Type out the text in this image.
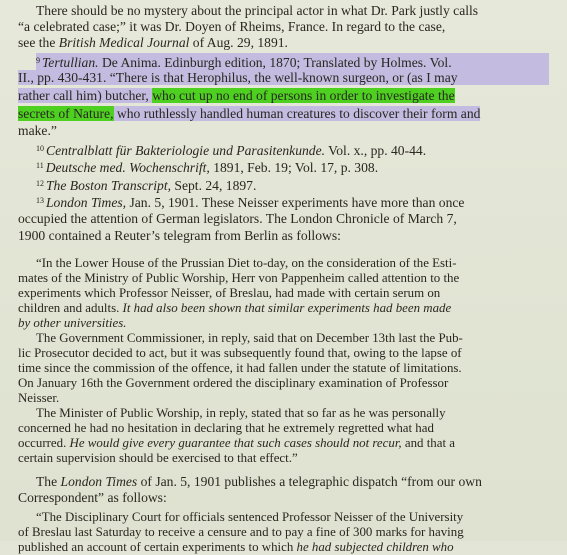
There should be no mystery about the principal actor in what Dr. Park justly calls
“a celebrated case;” it was Dr. Doyen of Rheims, France. In regard to the case,
see the British Medical Journal of Aug. 29, 1891.
$^9$ Tertullian. De Anima. Edinburgh edition, 1870; Translated by Holmes. Vol.
II., pp. 430-431. “There is that Herophilus, the well-known surgeon, or (as I may
rather call him) butcher, who cut up no end of persons in order to investigate the
secrets of Nature, who ruthlessly handled human creatures to discover their form and
make.”
$^{10}$ Centralblatt für Bakteriologie und Parasitenkunde. Vol. x., pp. 40-44.
$^{11}$ Deutsche med. Wochenschrift, 1891, Feb. 19; Vol. 17, p. 308.
$^{12}$ The Boston Transcript, Sept. 24, 1897.
$^{13}$ London Times, Jan. 5, 1901. These Neisser experiments have more than once
occupied the attention of German legislators. The London Chronicle of March 7,
1900 contained a Reuter’s telegram from Berlin as follows:
“In the Lower House of the Prussian Diet to-day, on the consideration of the Esti-
mates of the Ministry of Public Worship, Herr von Pappenheim called attention to the
experiments which Professor Neisser, of Breslau, had made with certain serum on
children and adults. It had also been shown that similar experiments had been made
by other universities.
The Government Commissioner, in reply, said that on December 13th last the Pub-
lic Prosecutor decided to act, but it was subsequently found that, owing to the lapse of
time since the commission of the offence, it had fallen under the statute of limitations.
On January 16th the Government ordered the disciplinary examination of Professor
Neisser.
The Minister of Public Worship, in reply, stated that so far as he was personally
concerned he had no hesitation in declaring that he extremely regretted what had
occurred. He would give every guarantee that such cases should not recur, and that a
certain supervision should be exercised to that effect.”
The London Times of Jan. 5, 1901 publishes a telegraphic dispatch “from our own
Correspondent” as follows:
“The Disciplinary Court for officials sentenced Professor Neisser of the University
of Breslau last Saturday to receive a censure and to pay a fine of 300 marks for having
published an account of certain experiments to which he had subjected children who
